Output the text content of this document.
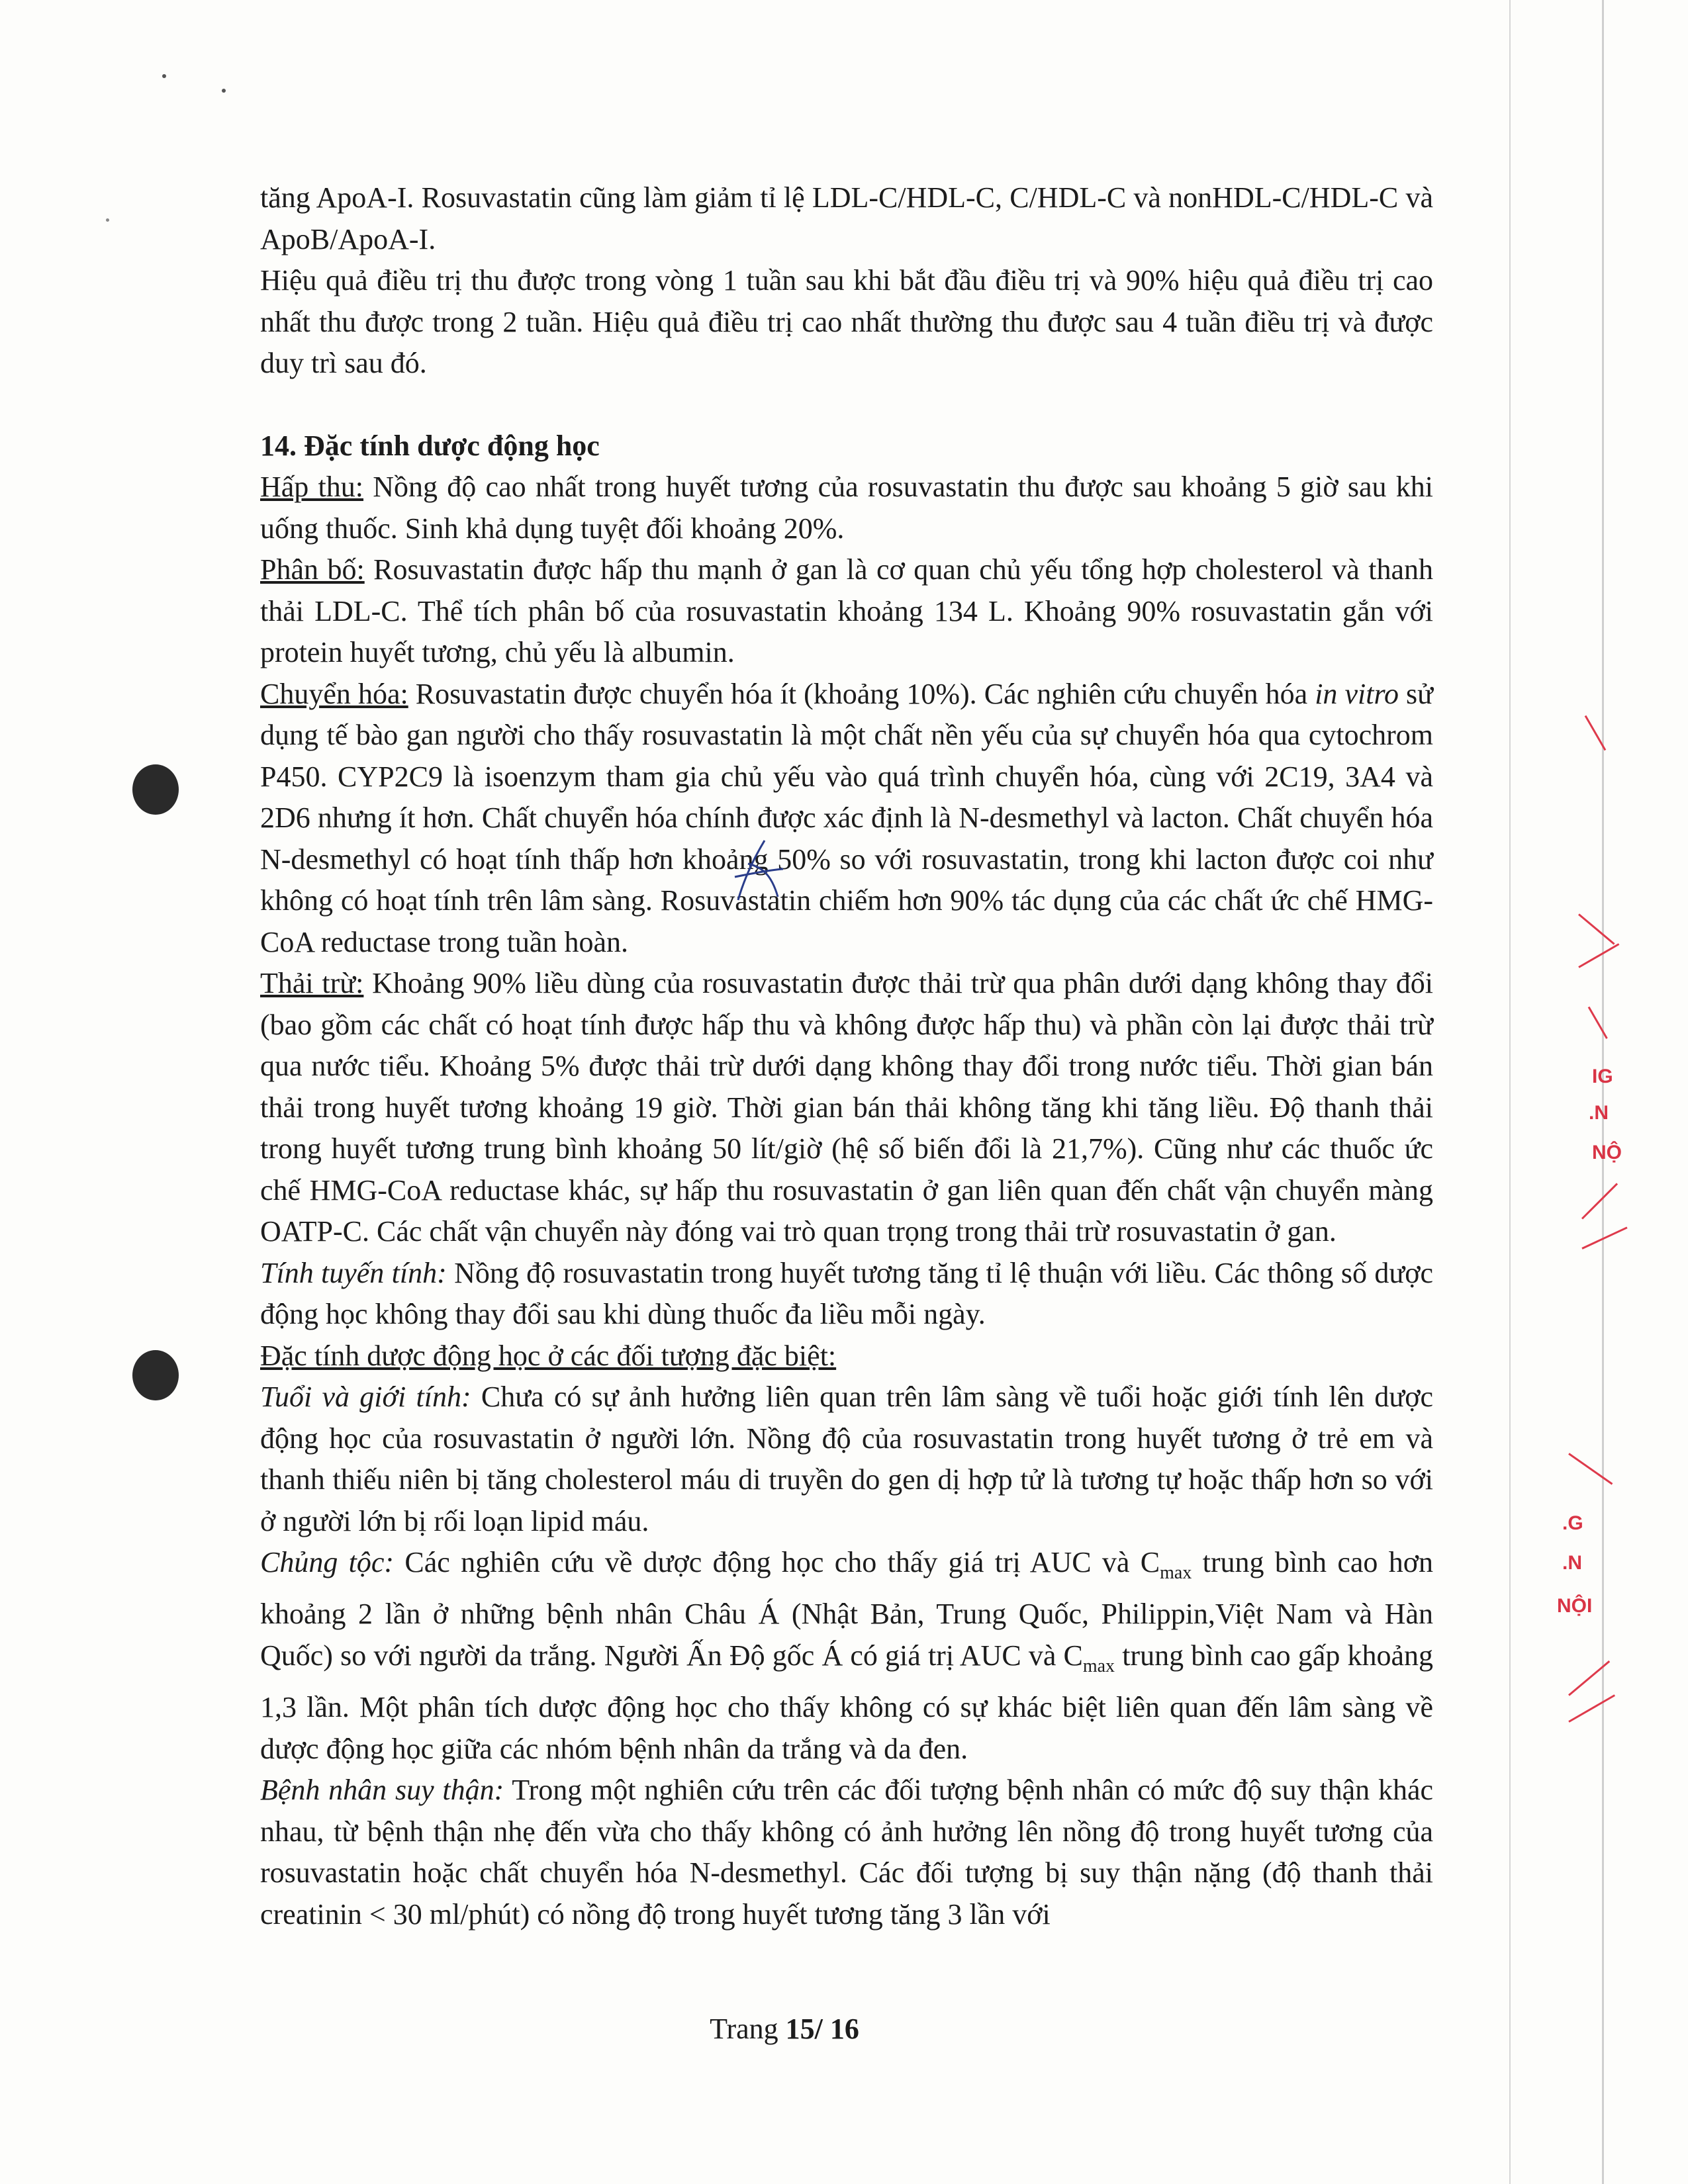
tăng ApoA-I. Rosuvastatin cũng làm giảm tỉ lệ LDL-C/HDL-C, C/HDL-C và nonHDL-C/HDL-C và ApoB/ApoA-I.

Hiệu quả điều trị thu được trong vòng 1 tuần sau khi bắt đầu điều trị và 90% hiệu quả điều trị cao nhất thu được trong 2 tuần. Hiệu quả điều trị cao nhất thường thu được sau 4 tuần điều trị và được duy trì sau đó.

14. Đặc tính dược động học

Hấp thu: Nồng độ cao nhất trong huyết tương của rosuvastatin thu được sau khoảng 5 giờ sau khi uống thuốc. Sinh khả dụng tuyệt đối khoảng 20%.

Phân bố: Rosuvastatin được hấp thu mạnh ở gan là cơ quan chủ yếu tổng hợp cholesterol và thanh thải LDL-C. Thể tích phân bố của rosuvastatin khoảng 134 L. Khoảng 90% rosuvastatin gắn với protein huyết tương, chủ yếu là albumin.

Chuyển hóa: Rosuvastatin được chuyển hóa ít (khoảng 10%). Các nghiên cứu chuyển hóa in vitro sử dụng tế bào gan người cho thấy rosuvastatin là một chất nền yếu của sự chuyển hóa qua cytochrom P450. CYP2C9 là isoenzym tham gia chủ yếu vào quá trình chuyển hóa, cùng với 2C19, 3A4 và 2D6 nhưng ít hơn. Chất chuyển hóa chính được xác định là N-desmethyl và lacton. Chất chuyển hóa N-desmethyl có hoạt tính thấp hơn khoảng 50% so với rosuvastatin, trong khi lacton được coi như không có hoạt tính trên lâm sàng. Rosuvastatin chiếm hơn 90% tác dụng của các chất ức chế HMG-CoA reductase trong tuần hoàn.

Thải trừ: Khoảng 90% liều dùng của rosuvastatin được thải trừ qua phân dưới dạng không thay đổi (bao gồm các chất có hoạt tính được hấp thu và không được hấp thu) và phần còn lại được thải trừ qua nước tiểu. Khoảng 5% được thải trừ dưới dạng không thay đổi trong nước tiểu. Thời gian bán thải trong huyết tương khoảng 19 giờ. Thời gian bán thải không tăng khi tăng liều. Độ thanh thải trong huyết tương trung bình khoảng 50 lít/giờ (hệ số biến đổi là 21,7%). Cũng như các thuốc ức chế HMG-CoA reductase khác, sự hấp thu rosuvastatin ở gan liên quan đến chất vận chuyển màng OATP-C. Các chất vận chuyển này đóng vai trò quan trọng trong thải trừ rosuvastatin ở gan.

Tính tuyến tính: Nồng độ rosuvastatin trong huyết tương tăng tỉ lệ thuận với liều. Các thông số dược động học không thay đổi sau khi dùng thuốc đa liều mỗi ngày.

Đặc tính dược động học ở các đối tượng đặc biệt:

Tuổi và giới tính: Chưa có sự ảnh hưởng liên quan trên lâm sàng về tuổi hoặc giới tính lên dược động học của rosuvastatin ở người lớn. Nồng độ của rosuvastatin trong huyết tương ở trẻ em và thanh thiếu niên bị tăng cholesterol máu di truyền do gen dị hợp tử là tương tự hoặc thấp hơn so với ở người lớn bị rối loạn lipid máu.

Chủng tộc: Các nghiên cứu về dược động học cho thấy giá trị AUC và $C_{max}$ trung bình cao hơn khoảng 2 lần ở những bệnh nhân Châu Á (Nhật Bản, Trung Quốc, Philippin,Việt Nam và Hàn Quốc) so với người da trắng. Người Ấn Độ gốc Á có giá trị AUC và $C_{max}$ trung bình cao gấp khoảng 1,3 lần. Một phân tích dược động học cho thấy không có sự khác biệt liên quan đến lâm sàng về dược động học giữa các nhóm bệnh nhân da trắng và da đen.

Bệnh nhân suy thận: Trong một nghiên cứu trên các đối tượng bệnh nhân có mức độ suy thận khác nhau, từ bệnh thận nhẹ đến vừa cho thấy không có ảnh hưởng lên nồng độ trong huyết tương của rosuvastatin hoặc chất chuyển hóa N-desmethyl. Các đối tượng bị suy thận nặng (độ thanh thải creatinin < 30 ml/phút) có nồng độ trong huyết tương tăng 3 lần với

IG
.N
NỘ
.G
.N
NỘI
Trang 15/ 16
